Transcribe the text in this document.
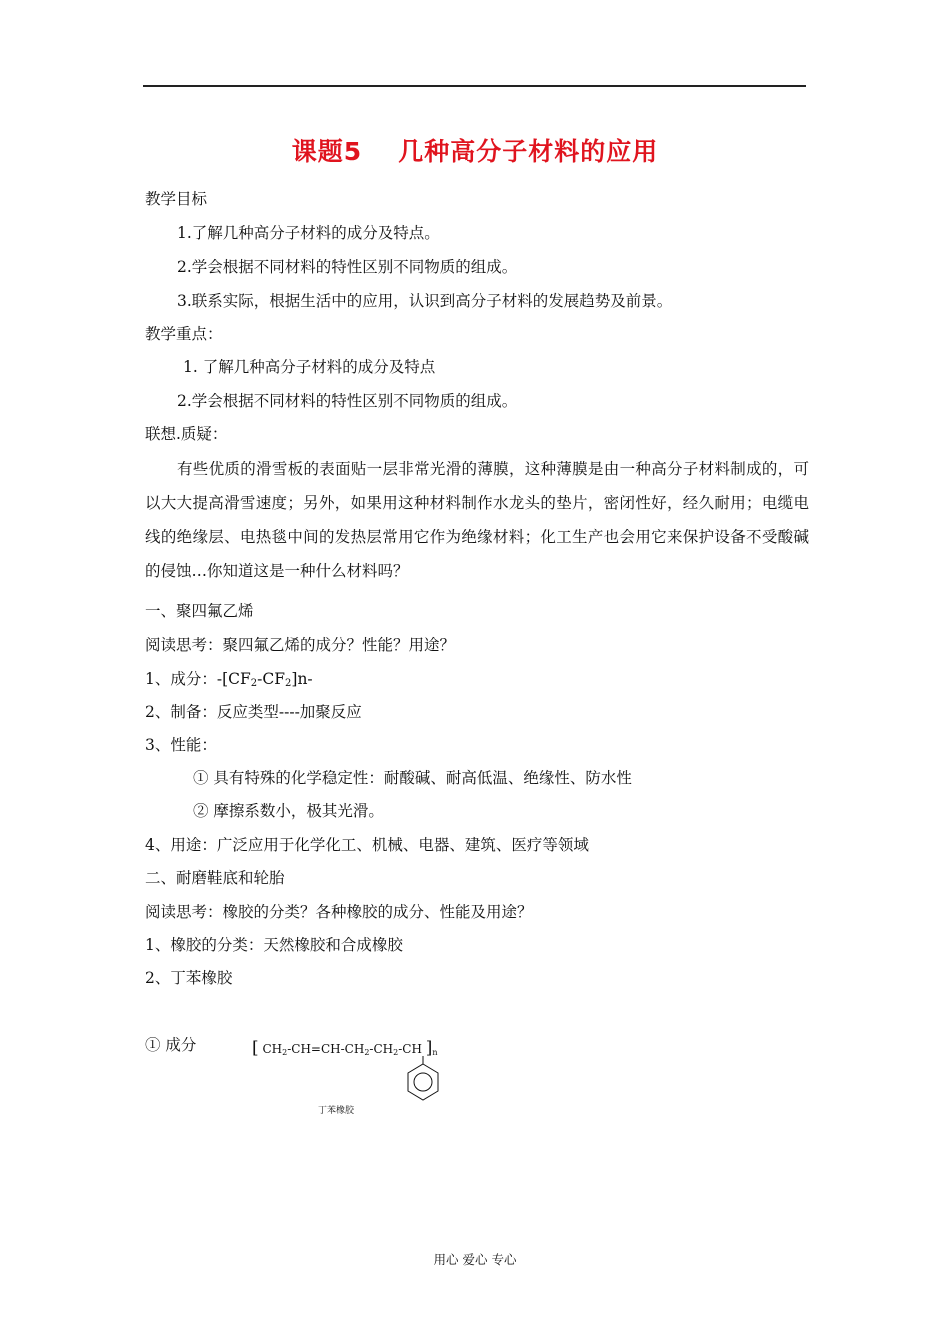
课题5 几种高分子材料的应用
教学目标
1.了解几种高分子材料的成分及特点。
2.学会根据不同材料的特性区别不同物质的组成。
3.联系实际，根据生活中的应用，认识到高分子材料的发展趋势及前景。
教学重点：
1. 了解几种高分子材料的成分及特点
2.学会根据不同材料的特性区别不同物质的组成。
联想.质疑：
有些优质的滑雪板的表面贴一层非常光滑的薄膜，这种薄膜是由一种高分子材料制成的，可以大大提高滑雪速度；另外，如果用这种材料制作水龙头的垫片，密闭性好，经久耐用；电缆电线的绝缘层、电热毯中间的发热层常用它作为绝缘材料；化工生产也会用它来保护设备不受酸碱的侵蚀…你知道这是一种什么材料吗？
一、聚四氟乙烯
阅读思考：聚四氟乙烯的成分？性能？用途？
1、成分：$-[CF_2-CF_2]n-$
2、制备：反应类型----加聚反应
3、性能：
① 具有特殊的化学稳定性：耐酸碱、耐高低温、绝缘性、防水性
② 摩擦系数小，极其光滑。
4、用途：广泛应用于化学化工、机械、电器、建筑、医疗等领域
二、耐磨鞋底和轮胎
阅读思考：橡胶的分类？各种橡胶的成分、性能及用途？
1、橡胶的分类：天然橡胶和合成橡胶
2、丁苯橡胶
① 成分	[ $CH_2-CH=CH-CH_2-CH_2-CH$ ]$_n$
丁苯橡胶
用心 爱心 专心
